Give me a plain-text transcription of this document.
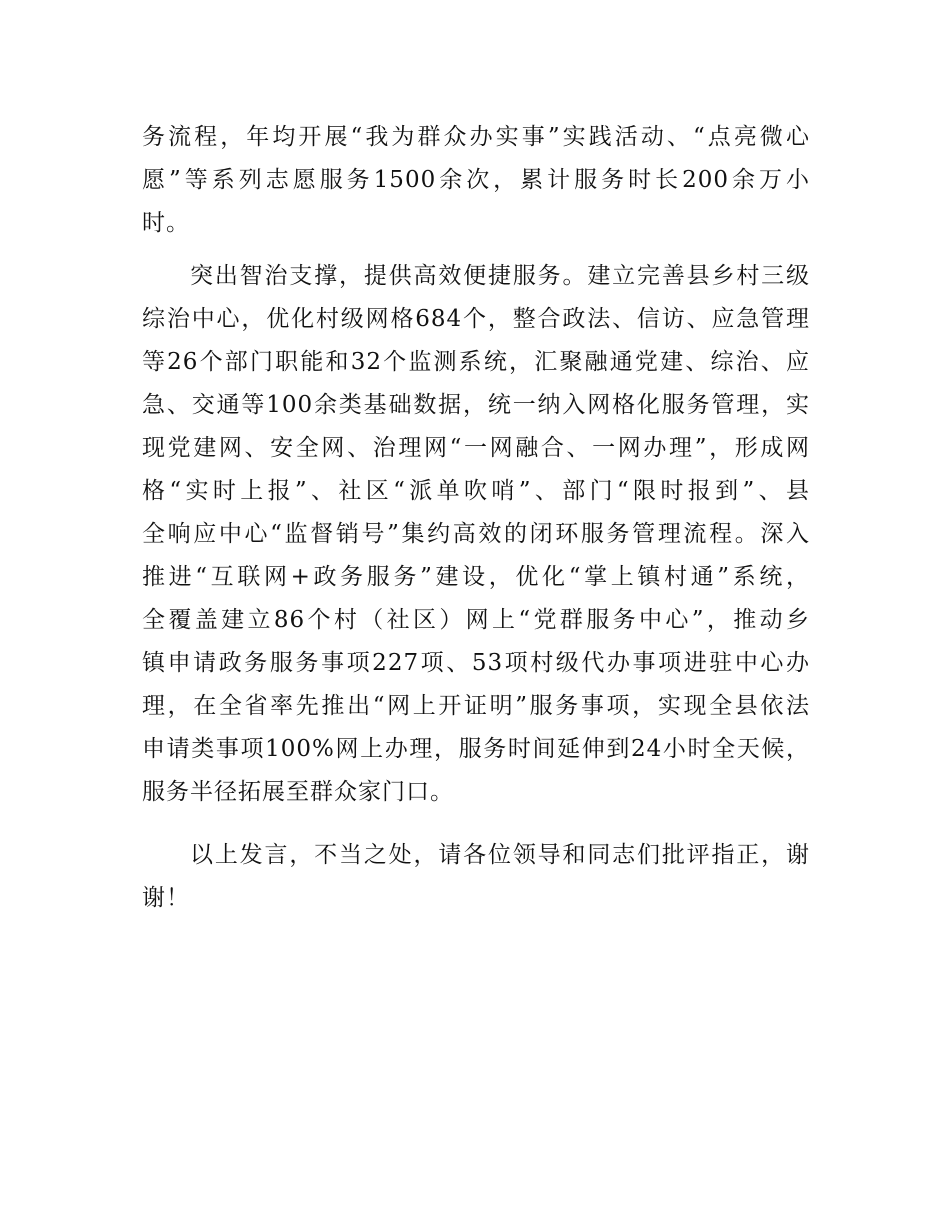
务流程，年均开展“我为群众办实事”实践活动、“点亮微心
愿”等系列志愿服务1500余次，累计服务时长200余万小
时。
突出智治支撑，提供高效便捷服务。建立完善县乡村三级
综治中心，优化村级网格684个，整合政法、信访、应急管理
等26个部门职能和32个监测系统，汇聚融通党建、综治、应
急、交通等100余类基础数据，统一纳入网格化服务管理，实
现党建网、安全网、治理网“一网融合、一网办理”，形成网
格“实时上报”、社区“派单吹哨”、部门“限时报到”、县
全响应中心“监督销号”集约高效的闭环服务管理流程。深入
推进“互联网+政务服务”建设，优化“掌上镇村通”系统，
全覆盖建立86个村（社区）网上“党群服务中心”，推动乡
镇申请政务服务事项227项、53项村级代办事项进驻中心办
理，在全省率先推出“网上开证明”服务事项，实现全县依法
申请类事项100%网上办理，服务时间延伸到24小时全天候，
服务半径拓展至群众家门口。
以上发言，不当之处，请各位领导和同志们批评指正，谢
谢！
